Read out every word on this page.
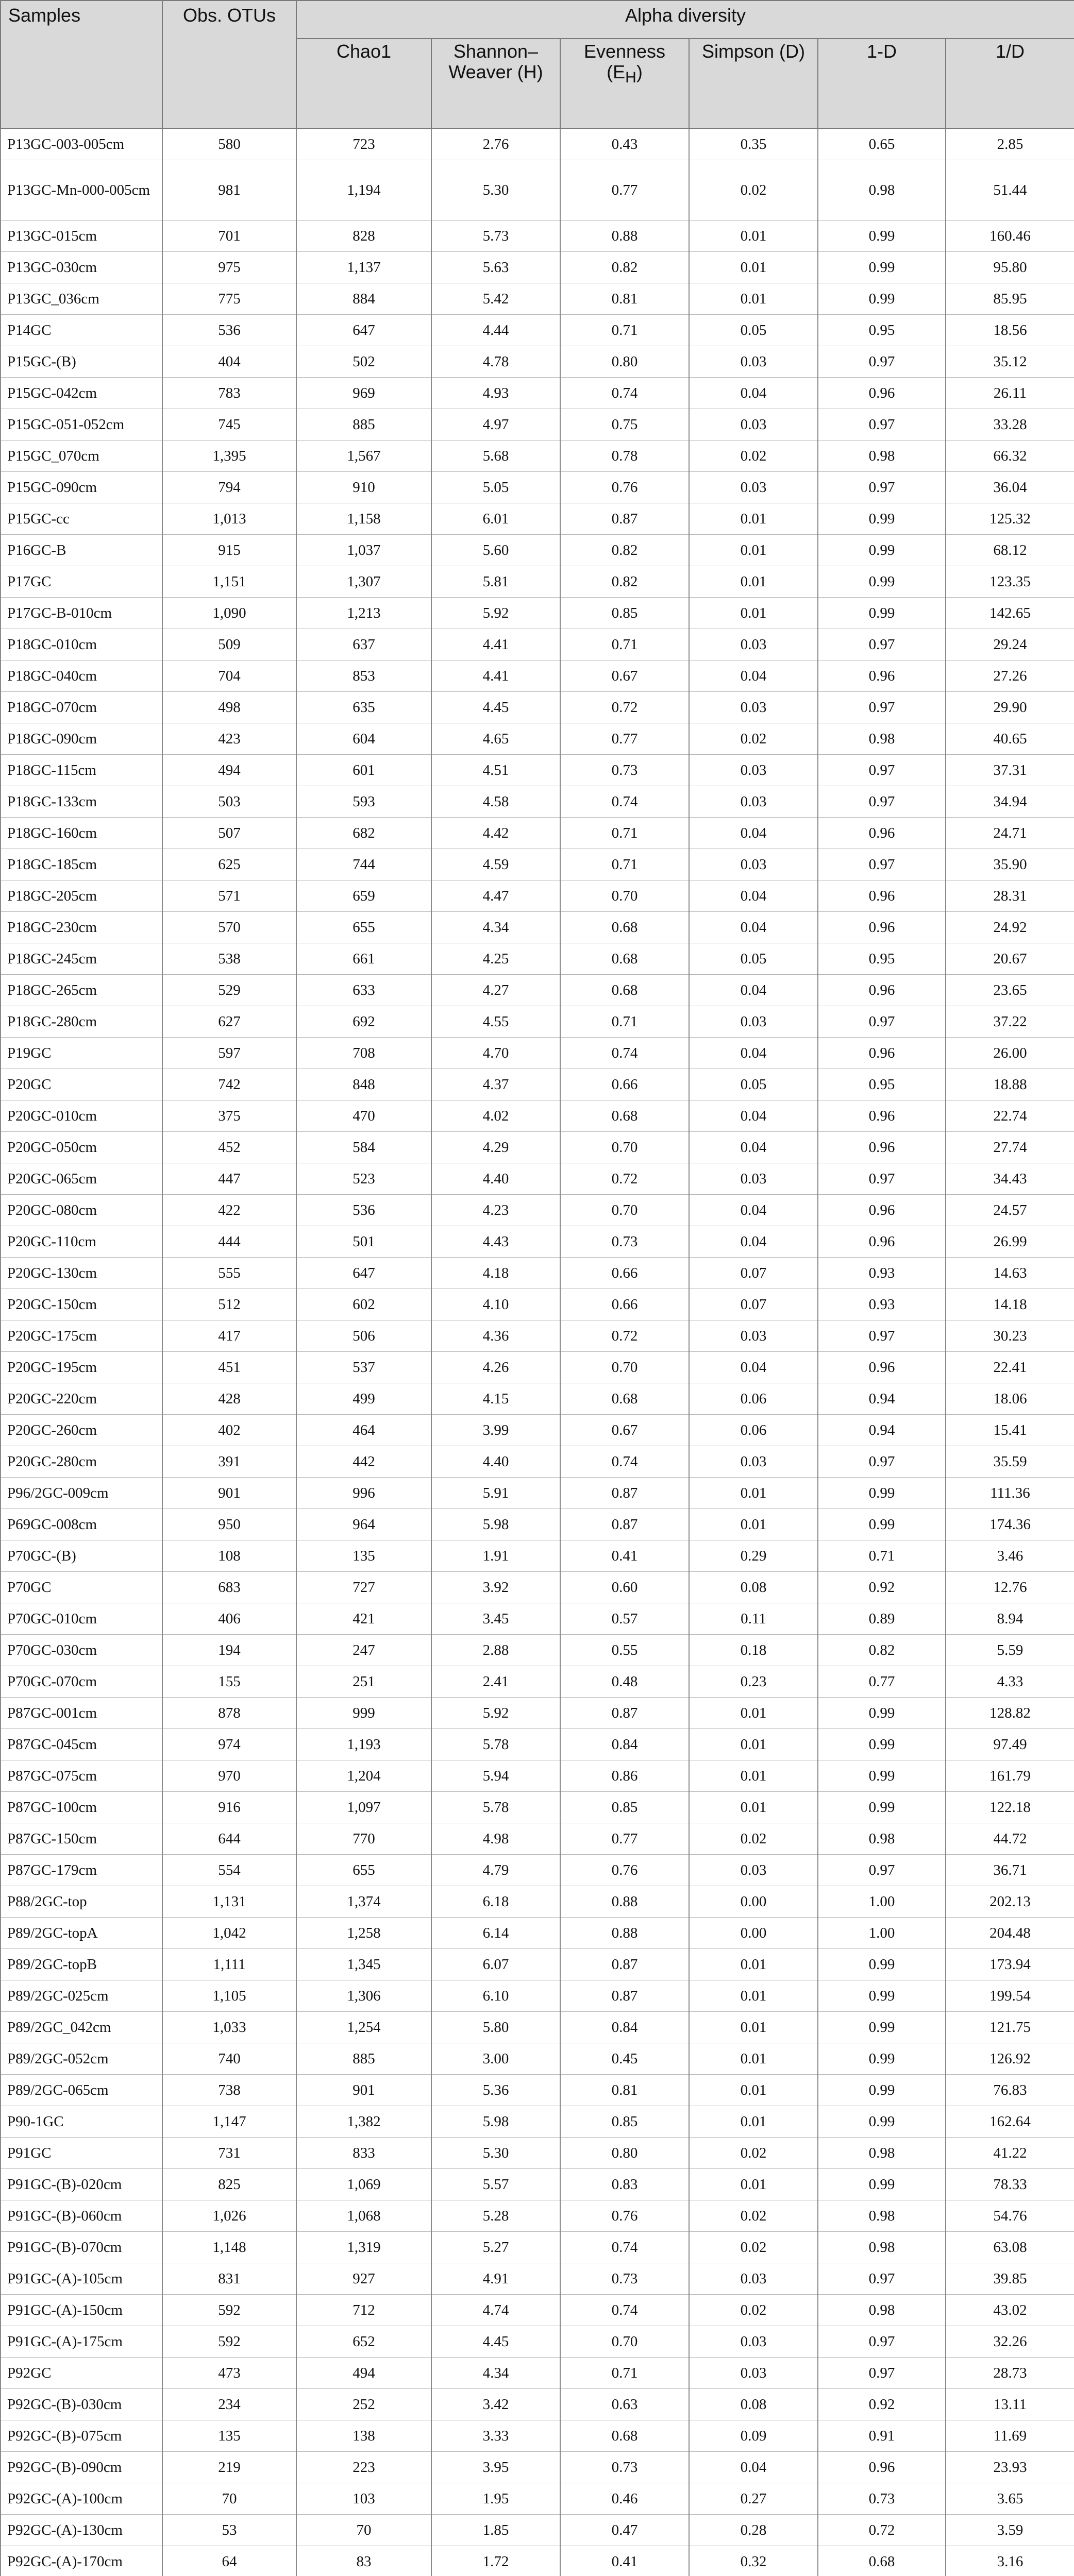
Samples	Obs. OTUs	Alpha diversity					
		Chao1	Shannon–Weaver (H)	Evenness $(E_H)$	Simpson (D)	1-D	1/D
P13GC-003-005cm	580	723	2.76	0.43	0.35	0.65	2.85
P13GC-Mn-000-005cm	981	1,194	5.30	0.77	0.02	0.98	51.44
P13GC-015cm	701	828	5.73	0.88	0.01	0.99	160.46
P13GC-030cm	975	1,137	5.63	0.82	0.01	0.99	95.80
P13GC_036cm	775	884	5.42	0.81	0.01	0.99	85.95
P14GC	536	647	4.44	0.71	0.05	0.95	18.56
P15GC-(B)	404	502	4.78	0.80	0.03	0.97	35.12
P15GC-042cm	783	969	4.93	0.74	0.04	0.96	26.11
P15GC-051-052cm	745	885	4.97	0.75	0.03	0.97	33.28
P15GC_070cm	1,395	1,567	5.68	0.78	0.02	0.98	66.32
P15GC-090cm	794	910	5.05	0.76	0.03	0.97	36.04
P15GC-cc	1,013	1,158	6.01	0.87	0.01	0.99	125.32
P16GC-B	915	1,037	5.60	0.82	0.01	0.99	68.12
P17GC	1,151	1,307	5.81	0.82	0.01	0.99	123.35
P17GC-B-010cm	1,090	1,213	5.92	0.85	0.01	0.99	142.65
P18GC-010cm	509	637	4.41	0.71	0.03	0.97	29.24
P18GC-040cm	704	853	4.41	0.67	0.04	0.96	27.26
P18GC-070cm	498	635	4.45	0.72	0.03	0.97	29.90
P18GC-090cm	423	604	4.65	0.77	0.02	0.98	40.65
P18GC-115cm	494	601	4.51	0.73	0.03	0.97	37.31
P18GC-133cm	503	593	4.58	0.74	0.03	0.97	34.94
P18GC-160cm	507	682	4.42	0.71	0.04	0.96	24.71
P18GC-185cm	625	744	4.59	0.71	0.03	0.97	35.90
P18GC-205cm	571	659	4.47	0.70	0.04	0.96	28.31
P18GC-230cm	570	655	4.34	0.68	0.04	0.96	24.92
P18GC-245cm	538	661	4.25	0.68	0.05	0.95	20.67
P18GC-265cm	529	633	4.27	0.68	0.04	0.96	23.65
P18GC-280cm	627	692	4.55	0.71	0.03	0.97	37.22
P19GC	597	708	4.70	0.74	0.04	0.96	26.00
P20GC	742	848	4.37	0.66	0.05	0.95	18.88
P20GC-010cm	375	470	4.02	0.68	0.04	0.96	22.74
P20GC-050cm	452	584	4.29	0.70	0.04	0.96	27.74
P20GC-065cm	447	523	4.40	0.72	0.03	0.97	34.43
P20GC-080cm	422	536	4.23	0.70	0.04	0.96	24.57
P20GC-110cm	444	501	4.43	0.73	0.04	0.96	26.99
P20GC-130cm	555	647	4.18	0.66	0.07	0.93	14.63
P20GC-150cm	512	602	4.10	0.66	0.07	0.93	14.18
P20GC-175cm	417	506	4.36	0.72	0.03	0.97	30.23
P20GC-195cm	451	537	4.26	0.70	0.04	0.96	22.41
P20GC-220cm	428	499	4.15	0.68	0.06	0.94	18.06
P20GC-260cm	402	464	3.99	0.67	0.06	0.94	15.41
P20GC-280cm	391	442	4.40	0.74	0.03	0.97	35.59
P96/2GC-009cm	901	996	5.91	0.87	0.01	0.99	111.36
P69GC-008cm	950	964	5.98	0.87	0.01	0.99	174.36
P70GC-(B)	108	135	1.91	0.41	0.29	0.71	3.46
P70GC	683	727	3.92	0.60	0.08	0.92	12.76
P70GC-010cm	406	421	3.45	0.57	0.11	0.89	8.94
P70GC-030cm	194	247	2.88	0.55	0.18	0.82	5.59
P70GC-070cm	155	251	2.41	0.48	0.23	0.77	4.33
P87GC-001cm	878	999	5.92	0.87	0.01	0.99	128.82
P87GC-045cm	974	1,193	5.78	0.84	0.01	0.99	97.49
P87GC-075cm	970	1,204	5.94	0.86	0.01	0.99	161.79
P87GC-100cm	916	1,097	5.78	0.85	0.01	0.99	122.18
P87GC-150cm	644	770	4.98	0.77	0.02	0.98	44.72
P87GC-179cm	554	655	4.79	0.76	0.03	0.97	36.71
P88/2GC-top	1,131	1,374	6.18	0.88	0.00	1.00	202.13
P89/2GC-topA	1,042	1,258	6.14	0.88	0.00	1.00	204.48
P89/2GC-topB	1,111	1,345	6.07	0.87	0.01	0.99	173.94
P89/2GC-025cm	1,105	1,306	6.10	0.87	0.01	0.99	199.54
P89/2GC_042cm	1,033	1,254	5.80	0.84	0.01	0.99	121.75
P89/2GC-052cm	740	885	3.00	0.45	0.01	0.99	126.92
P89/2GC-065cm	738	901	5.36	0.81	0.01	0.99	76.83
P90-1GC	1,147	1,382	5.98	0.85	0.01	0.99	162.64
P91GC	731	833	5.30	0.80	0.02	0.98	41.22
P91GC-(B)-020cm	825	1,069	5.57	0.83	0.01	0.99	78.33
P91GC-(B)-060cm	1,026	1,068	5.28	0.76	0.02	0.98	54.76
P91GC-(B)-070cm	1,148	1,319	5.27	0.74	0.02	0.98	63.08
P91GC-(A)-105cm	831	927	4.91	0.73	0.03	0.97	39.85
P91GC-(A)-150cm	592	712	4.74	0.74	0.02	0.98	43.02
P91GC-(A)-175cm	592	652	4.45	0.70	0.03	0.97	32.26
P92GC	473	494	4.34	0.71	0.03	0.97	28.73
P92GC-(B)-030cm	234	252	3.42	0.63	0.08	0.92	13.11
P92GC-(B)-075cm	135	138	3.33	0.68	0.09	0.91	11.69
P92GC-(B)-090cm	219	223	3.95	0.73	0.04	0.96	23.93
P92GC-(A)-100cm	70	103	1.95	0.46	0.27	0.73	3.65
P92GC-(A)-130cm	53	70	1.85	0.47	0.28	0.72	3.59
P92GC-(A)-170cm	64	83	1.72	0.41	0.32	0.68	3.16
